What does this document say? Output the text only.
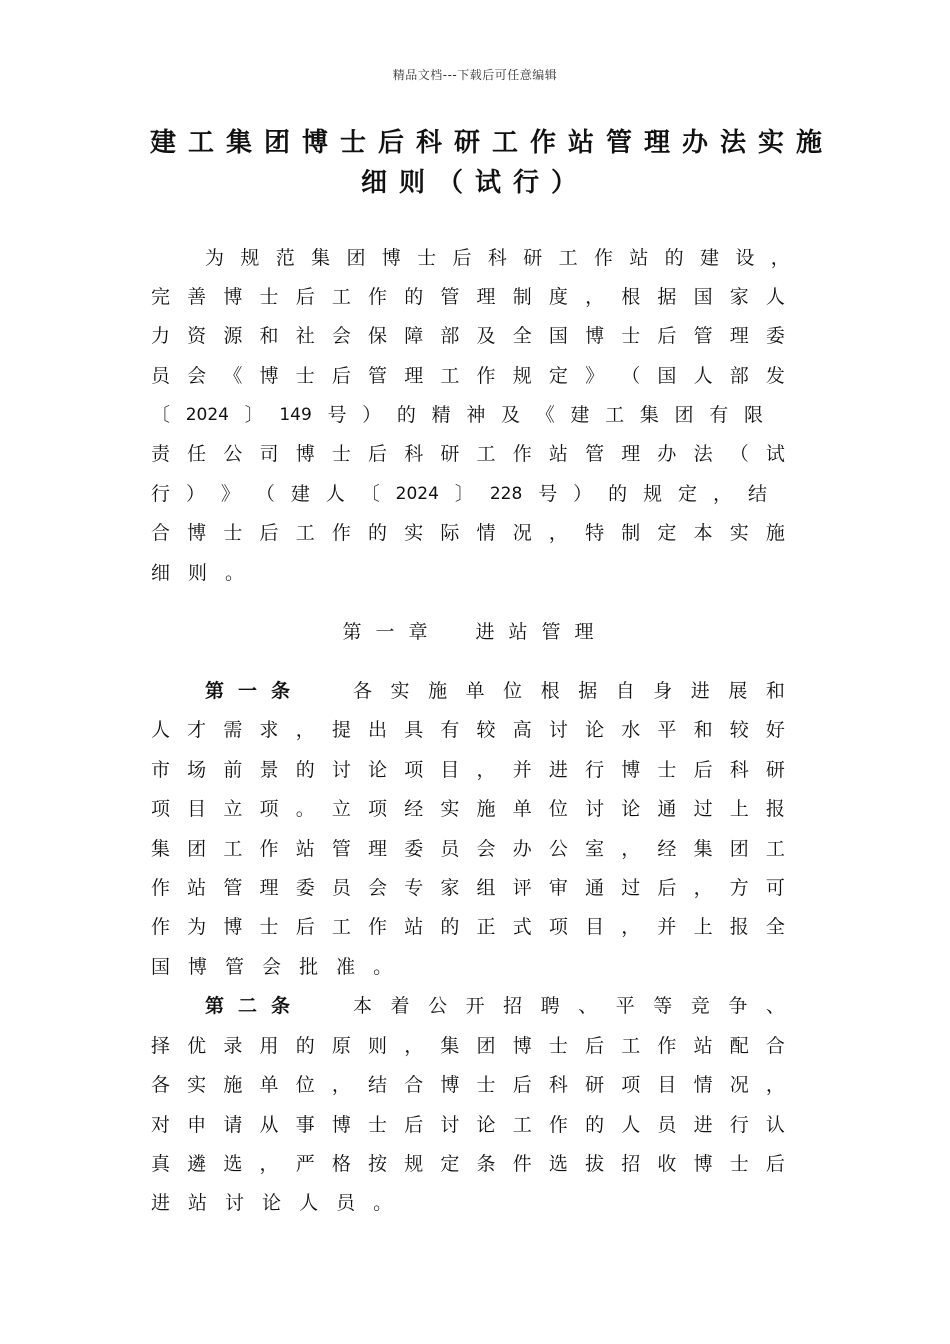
精品文档---下载后可任意编辑
建工集团博士后科研工作站管理办法实施
细则（试行）
为 规 范 集 团 博 士 后 科 研 工 作 站 的 建 设 ，
完 善 博 士 后 工 作 的 管 理 制 度 ， 根 据 国 家 人
力 资 源 和 社 会 保 障 部 及 全 国 博 士 后 管 理 委
员 会 《 博 士 后 管 理 工 作 规 定 》 （ 国 人 部 发
〔 2024 〕 149 号 ） 的 精 神 及 《 建 工 集 团 有 限
责 任 公 司 博 士 后 科 研 工 作 站 管 理 办 法 （ 试
行 ） 》 （ 建 人 〔 2024 〕 228 号 ） 的 规 定 ， 结
合 博 士 后 工 作 的 实 际 情 况 ， 特 制 定 本 实 施
细 则 。
第一章 进站管理
第一条	各 实 施 单 位 根 据 自 身 进 展 和
人 才 需 求 ， 提 出 具 有 较 高 讨 论 水 平 和 较 好
市 场 前 景 的 讨 论 项 目 ， 并 进 行 博 士 后 科 研
项 目 立 项 。 立 项 经 实 施 单 位 讨 论 通 过 上 报
集 团 工 作 站 管 理 委 员 会 办 公 室 ， 经 集 团 工
作 站 管 理 委 员 会 专 家 组 评 审 通 过 后 ， 方 可
作 为 博 士 后 工 作 站 的 正 式 项 目 ， 并 上 报 全
国 博 管 会 批 准 。
第二条	本 着 公 开 招 聘 、 平 等 竞 争 、
择 优 录 用 的 原 则 ， 集 团 博 士 后 工 作 站 配 合
各 实 施 单 位 ， 结 合 博 士 后 科 研 项 目 情 况 ，
对 申 请 从 事 博 士 后 讨 论 工 作 的 人 员 进 行 认
真 遴 选 ， 严 格 按 规 定 条 件 选 拔 招 收 博 士 后
进 站 讨 论 人 员 。
